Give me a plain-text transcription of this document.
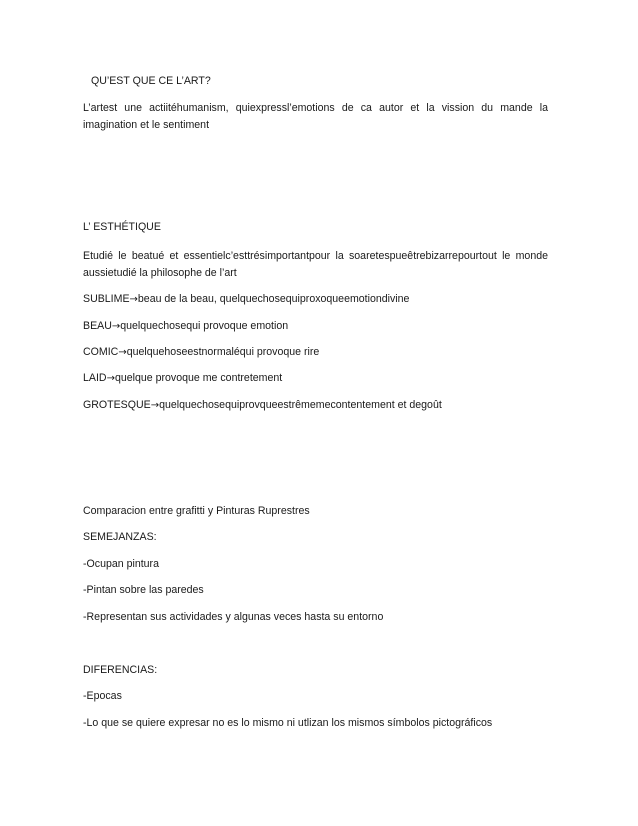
QU’EST QUE CE L’ART?
L’artest une actiitéhumanism, quiexpressl’emotions de ca autor et la vission du mande la imagination et le sentiment
L’ ESTHÉTIQUE
Etudié le beatué et essentielc’esttrésimportantpour la soaretespueêtrebizarrepourtout le monde aussietudié la philosophe de l’art
SUBLIME→beau de la beau, quelquechosequiproxoqueemotiondivine
BEAU→quelquechosequi provoque emotion
COMIC→quelquehoseestnormaléqui provoque rire
LAID→quelque provoque me contretement
GROTESQUE→quelquechosequiprovqueestrêmemecontentement et degoût
Comparacion entre grafitti y Pinturas Ruprestres
SEMEJANZAS:
-Ocupan pintura
-Pintan sobre las paredes
-Representan sus actividades y algunas veces hasta su entorno
DIFERENCIAS:
-Epocas
-Lo que se quiere expresar no es lo mismo ni utlizan los mismos símbolos pictográficos
